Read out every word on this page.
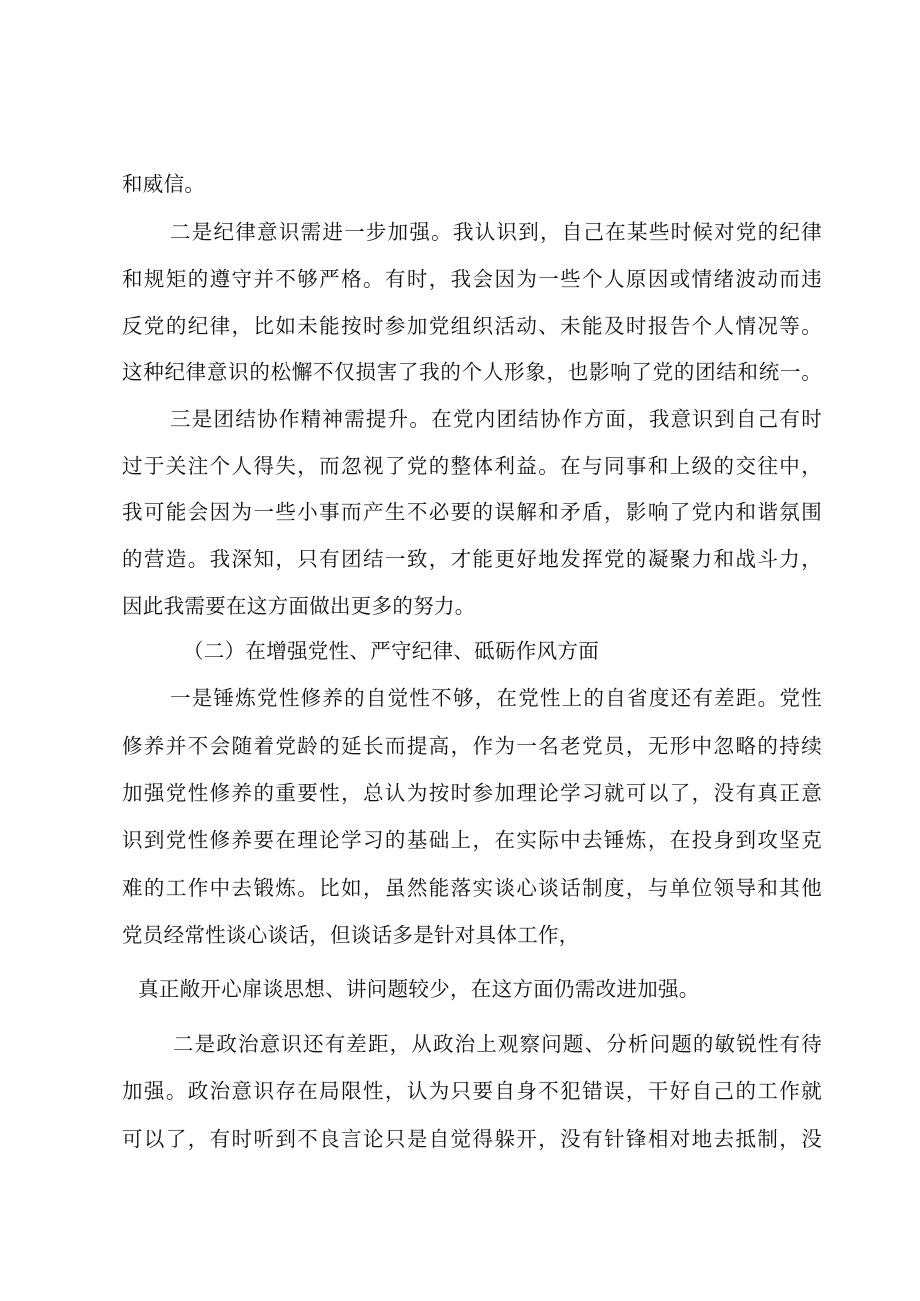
和威信。
二是纪律意识需进一步加强。我认识到，自己在某些时候对党的纪律
和规矩的遵守并不够严格。有时，我会因为一些个人原因或情绪波动而违
反党的纪律，比如未能按时参加党组织活动、未能及时报告个人情况等。
这种纪律意识的松懈不仅损害了我的个人形象，也影响了党的团结和统一。
三是团结协作精神需提升。在党内团结协作方面，我意识到自己有时
过于关注个人得失，而忽视了党的整体利益。在与同事和上级的交往中，
我可能会因为一些小事而产生不必要的误解和矛盾，影响了党内和谐氛围
的营造。我深知，只有团结一致，才能更好地发挥党的凝聚力和战斗力，
因此我需要在这方面做出更多的努力。
（二）在增强党性、严守纪律、砥砺作风方面
一是锤炼党性修养的自觉性不够，在党性上的自省度还有差距。党性
修养并不会随着党龄的延长而提高，作为一名老党员，无形中忽略的持续
加强党性修养的重要性，总认为按时参加理论学习就可以了，没有真正意
识到党性修养要在理论学习的基础上，在实际中去锤炼，在投身到攻坚克
难的工作中去锻炼。比如，虽然能落实谈心谈话制度，与单位领导和其他
党员经常性谈心谈话，但谈话多是针对具体工作，
真正敞开心扉谈思想、讲问题较少，在这方面仍需改进加强。
二是政治意识还有差距，从政治上观察问题、分析问题的敏锐性有待
加强。政治意识存在局限性，认为只要自身不犯错误，干好自己的工作就
可以了，有时听到不良言论只是自觉得躲开，没有针锋相对地去抵制，没
